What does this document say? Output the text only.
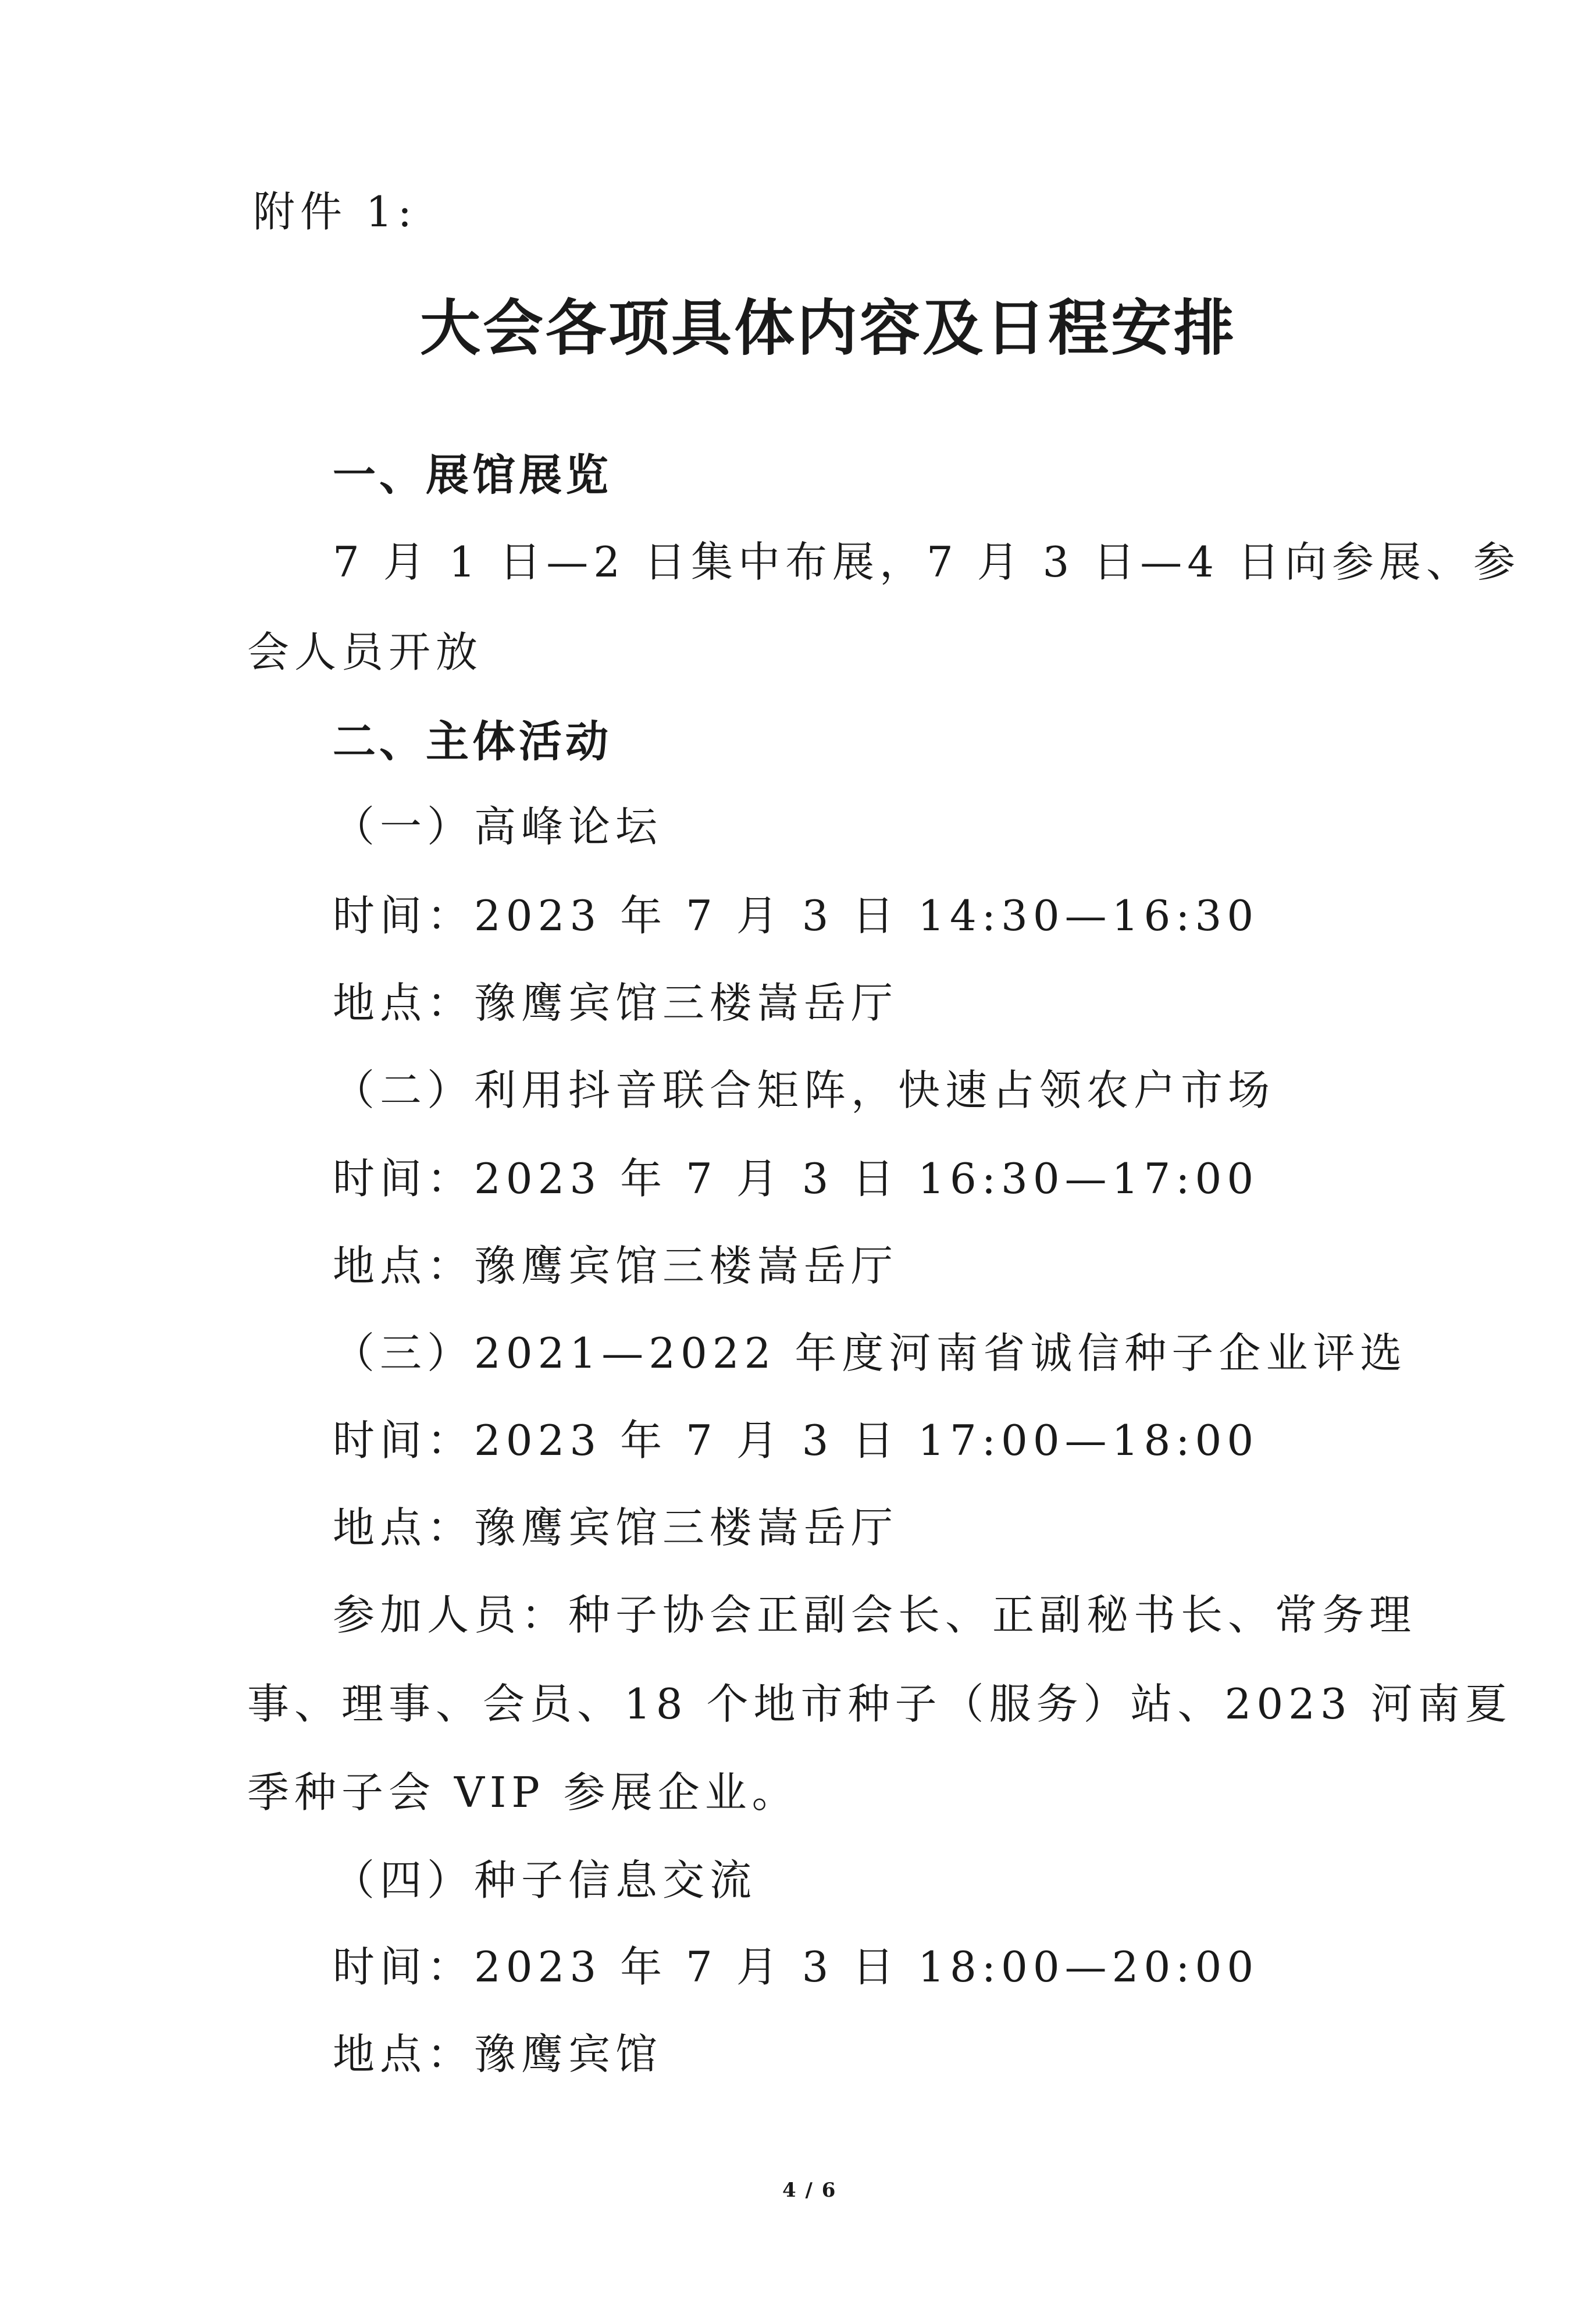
附件 1:

大会各项具体内容及日程安排
一、展馆展览

7 月 1 日—2 日集中布展，7 月 3 日—4 日向参展、参

会人员开放

二、主体活动

（一）高峰论坛

时间：2023 年 7 月 3 日 14:30—16:30

地点：豫鹰宾馆三楼嵩岳厅

（二）利用抖音联合矩阵，快速占领农户市场

时间：2023 年 7 月 3 日 16:30—17:00

地点：豫鹰宾馆三楼嵩岳厅

（三）2021—2022 年度河南省诚信种子企业评选

时间：2023 年 7 月 3 日 17:00—18:00

地点：豫鹰宾馆三楼嵩岳厅

参加人员：种子协会正副会长、正副秘书长、常务理

事、理事、会员、18 个地市种子（服务）站、2023 河南夏

季种子会 VIP 参展企业。

（四）种子信息交流

时间：2023 年 7 月 3 日 18:00—20:00

地点：豫鹰宾馆

4 / 6
